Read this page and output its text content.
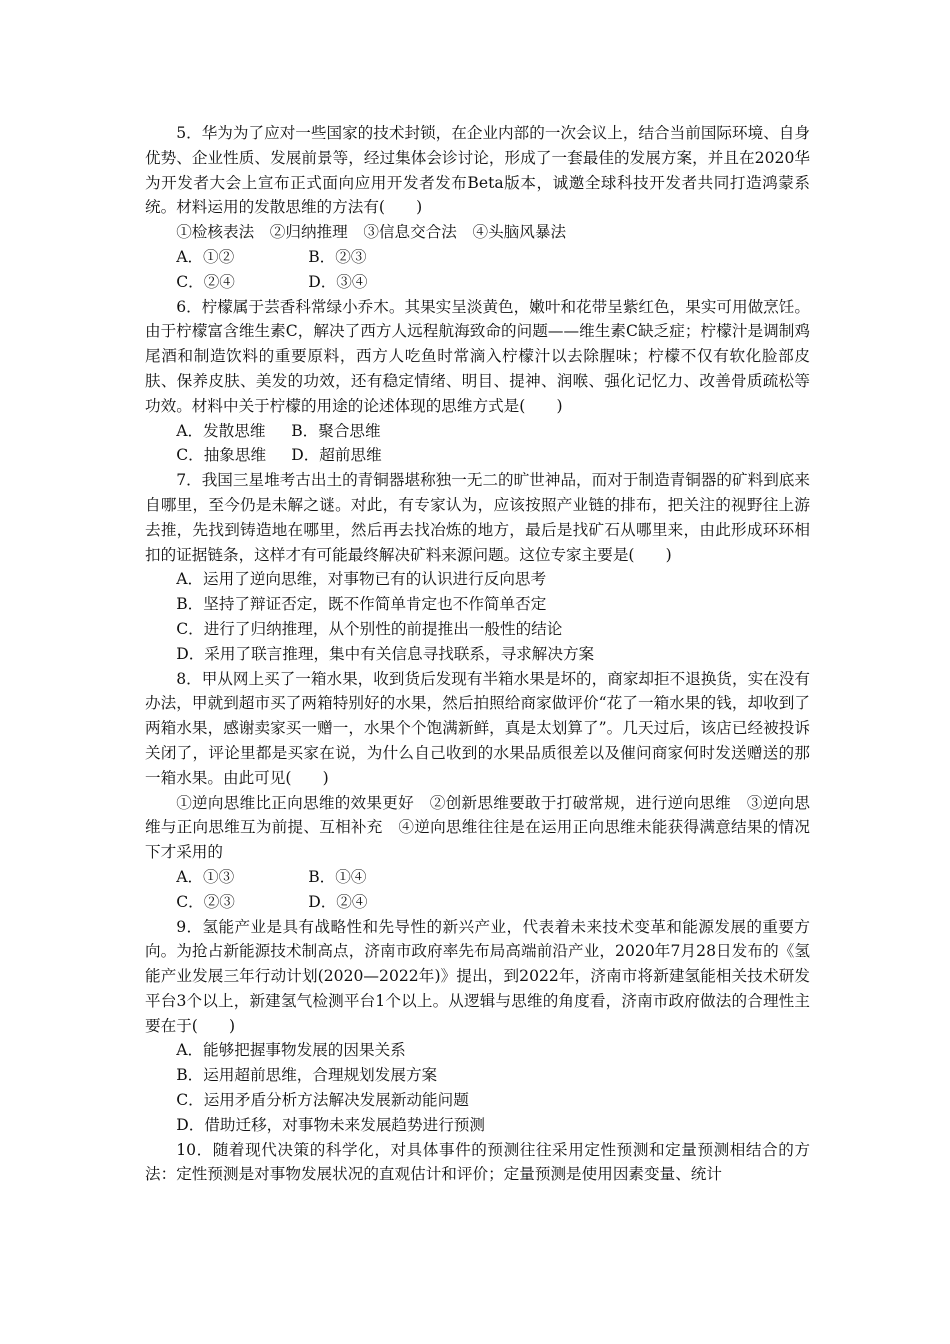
5．华为为了应对一些国家的技术封锁，在企业内部的一次会议上，结合当前国际环境、自身优势、企业性质、发展前景等，经过集体会诊讨论，形成了一套最佳的发展方案，并且在2020华为开发者大会上宣布正式面向应用开发者发布Beta版本，诚邀全球科技开发者共同打造鸿蒙系统。材料运用的发散思维的方法有(　　)

①检核表法　②归纳推理　③信息交合法　④头脑风暴法

A．①②	B．②③
C．②④	D．③④

6．柠檬属于芸香科常绿小乔木。其果实呈淡黄色，嫩叶和花带呈紫红色，果实可用做烹饪。由于柠檬富含维生素C，解决了西方人远程航海致命的问题——维生素C缺乏症；柠檬汁是调制鸡尾酒和制造饮料的重要原料，西方人吃鱼时常滴入柠檬汁以去除腥味；柠檬不仅有软化脸部皮肤、保养皮肤、美发的功效，还有稳定情绪、明目、提神、润喉、强化记忆力、改善骨质疏松等功效。材料中关于柠檬的用途的论述体现的思维方式是(　　)

A．发散思维	B．聚合思维
C．抽象思维	D．超前思维

7．我国三星堆考古出土的青铜器堪称独一无二的旷世神品，而对于制造青铜器的矿料到底来自哪里，至今仍是未解之谜。对此，有专家认为，应该按照产业链的排布，把关注的视野往上游去推，先找到铸造地在哪里，然后再去找冶炼的地方，最后是找矿石从哪里来，由此形成环环相扣的证据链条，这样才有可能最终解决矿料来源问题。这位专家主要是(　　)

A．运用了逆向思维，对事物已有的认识进行反向思考

B．坚持了辩证否定，既不作简单肯定也不作简单否定

C．进行了归纳推理，从个别性的前提推出一般性的结论

D．采用了联言推理，集中有关信息寻找联系，寻求解决方案

8．甲从网上买了一箱水果，收到货后发现有半箱水果是坏的，商家却拒不退换货，实在没有办法，甲就到超市买了两箱特别好的水果，然后拍照给商家做评价“花了一箱水果的钱，却收到了两箱水果，感谢卖家买一赠一，水果个个饱满新鲜，真是太划算了”。几天过后，该店已经被投诉关闭了，评论里都是买家在说，为什么自己收到的水果品质很差以及催问商家何时发送赠送的那一箱水果。由此可见(　　)

①逆向思维比正向思维的效果更好　②创新思维要敢于打破常规，进行逆向思维　③逆向思维与正向思维互为前提、互相补充　④逆向思维往往是在运用正向思维未能获得满意结果的情况下才采用的

A．①③	B．①④
C．②③	D．②④

9．氢能产业是具有战略性和先导性的新兴产业，代表着未来技术变革和能源发展的重要方向。为抢占新能源技术制高点，济南市政府率先布局高端前沿产业，2020年7月28日发布的《氢能产业发展三年行动计划(2020—2022年)》提出，到2022年，济南市将新建氢能相关技术研发平台3个以上，新建氢气检测平台1个以上。从逻辑与思维的角度看，济南市政府做法的合理性主要在于(　　)

A．能够把握事物发展的因果关系

B．运用超前思维，合理规划发展方案

C．运用矛盾分析方法解决发展新动能问题

D．借助迁移，对事物未来发展趋势进行预测

10．随着现代决策的科学化，对具体事件的预测往往采用定性预测和定量预测相结合的方法：定性预测是对事物发展状况的直观估计和评价；定量预测是使用因素变量、统计
